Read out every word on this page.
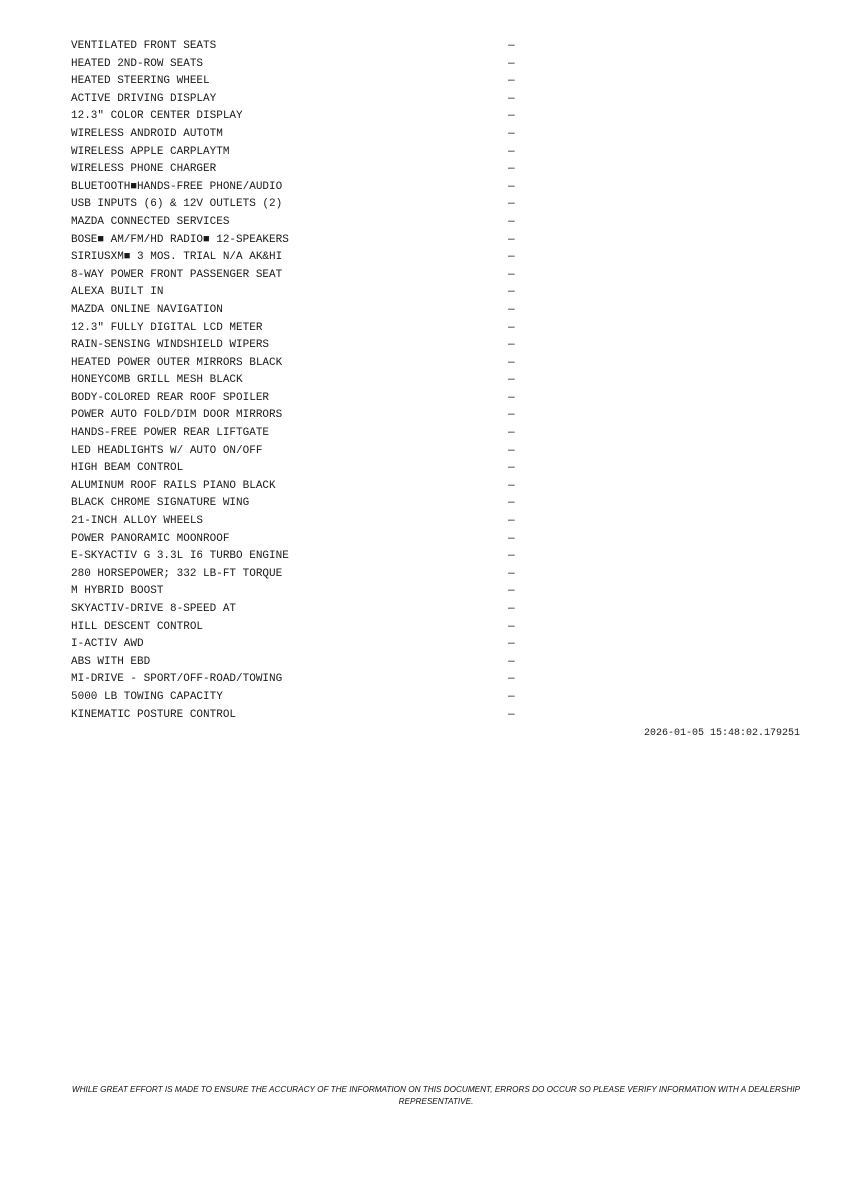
VENTILATED FRONT SEATS	—
HEATED 2ND-ROW SEATS	—
HEATED STEERING WHEEL	—
ACTIVE DRIVING DISPLAY	—
12.3" COLOR CENTER DISPLAY	—
WIRELESS ANDROID AUTOTM	—
WIRELESS APPLE CARPLAYTM	—
WIRELESS PHONE CHARGER	—
BLUETOOTH■HANDS-FREE PHONE/AUDIO	—
USB INPUTS (6) & 12V OUTLETS (2)	—
MAZDA CONNECTED SERVICES	—
BOSE■ AM/FM/HD RADIO■ 12-SPEAKERS	—
SIRIUSXM■ 3 MOS. TRIAL N/A AK&HI	—
8-WAY POWER FRONT PASSENGER SEAT	—
ALEXA BUILT IN	—
MAZDA ONLINE NAVIGATION	—
12.3" FULLY DIGITAL LCD METER	—
RAIN-SENSING WINDSHIELD WIPERS	—
HEATED POWER OUTER MIRRORS BLACK	—
HONEYCOMB GRILL MESH BLACK	—
BODY-COLORED REAR ROOF SPOILER	—
POWER AUTO FOLD/DIM DOOR MIRRORS	—
HANDS-FREE POWER REAR LIFTGATE	—
LED HEADLIGHTS W/ AUTO ON/OFF	—
HIGH BEAM CONTROL	—
ALUMINUM ROOF RAILS PIANO BLACK	—
BLACK CHROME SIGNATURE WING	—
21-INCH ALLOY WHEELS	—
POWER PANORAMIC MOONROOF	—
E-SKYACTIV G 3.3L I6 TURBO ENGINE	—
280 HORSEPOWER; 332 LB-FT TORQUE	—
M HYBRID BOOST	—
SKYACTIV-DRIVE 8-SPEED AT	—
HILL DESCENT CONTROL	—
I-ACTIV AWD	—
ABS WITH EBD	—
MI-DRIVE - SPORT/OFF-ROAD/TOWING	—
5000 LB TOWING CAPACITY	—
KINEMATIC POSTURE CONTROL	—
2026-01-05 15:48:02.179251
WHILE GREAT EFFORT IS MADE TO ENSURE THE ACCURACY OF THE INFORMATION ON THIS DOCUMENT, ERRORS DO OCCUR SO PLEASE VERIFY INFORMATION WITH A DEALERSHIP REPRESENTATIVE.
